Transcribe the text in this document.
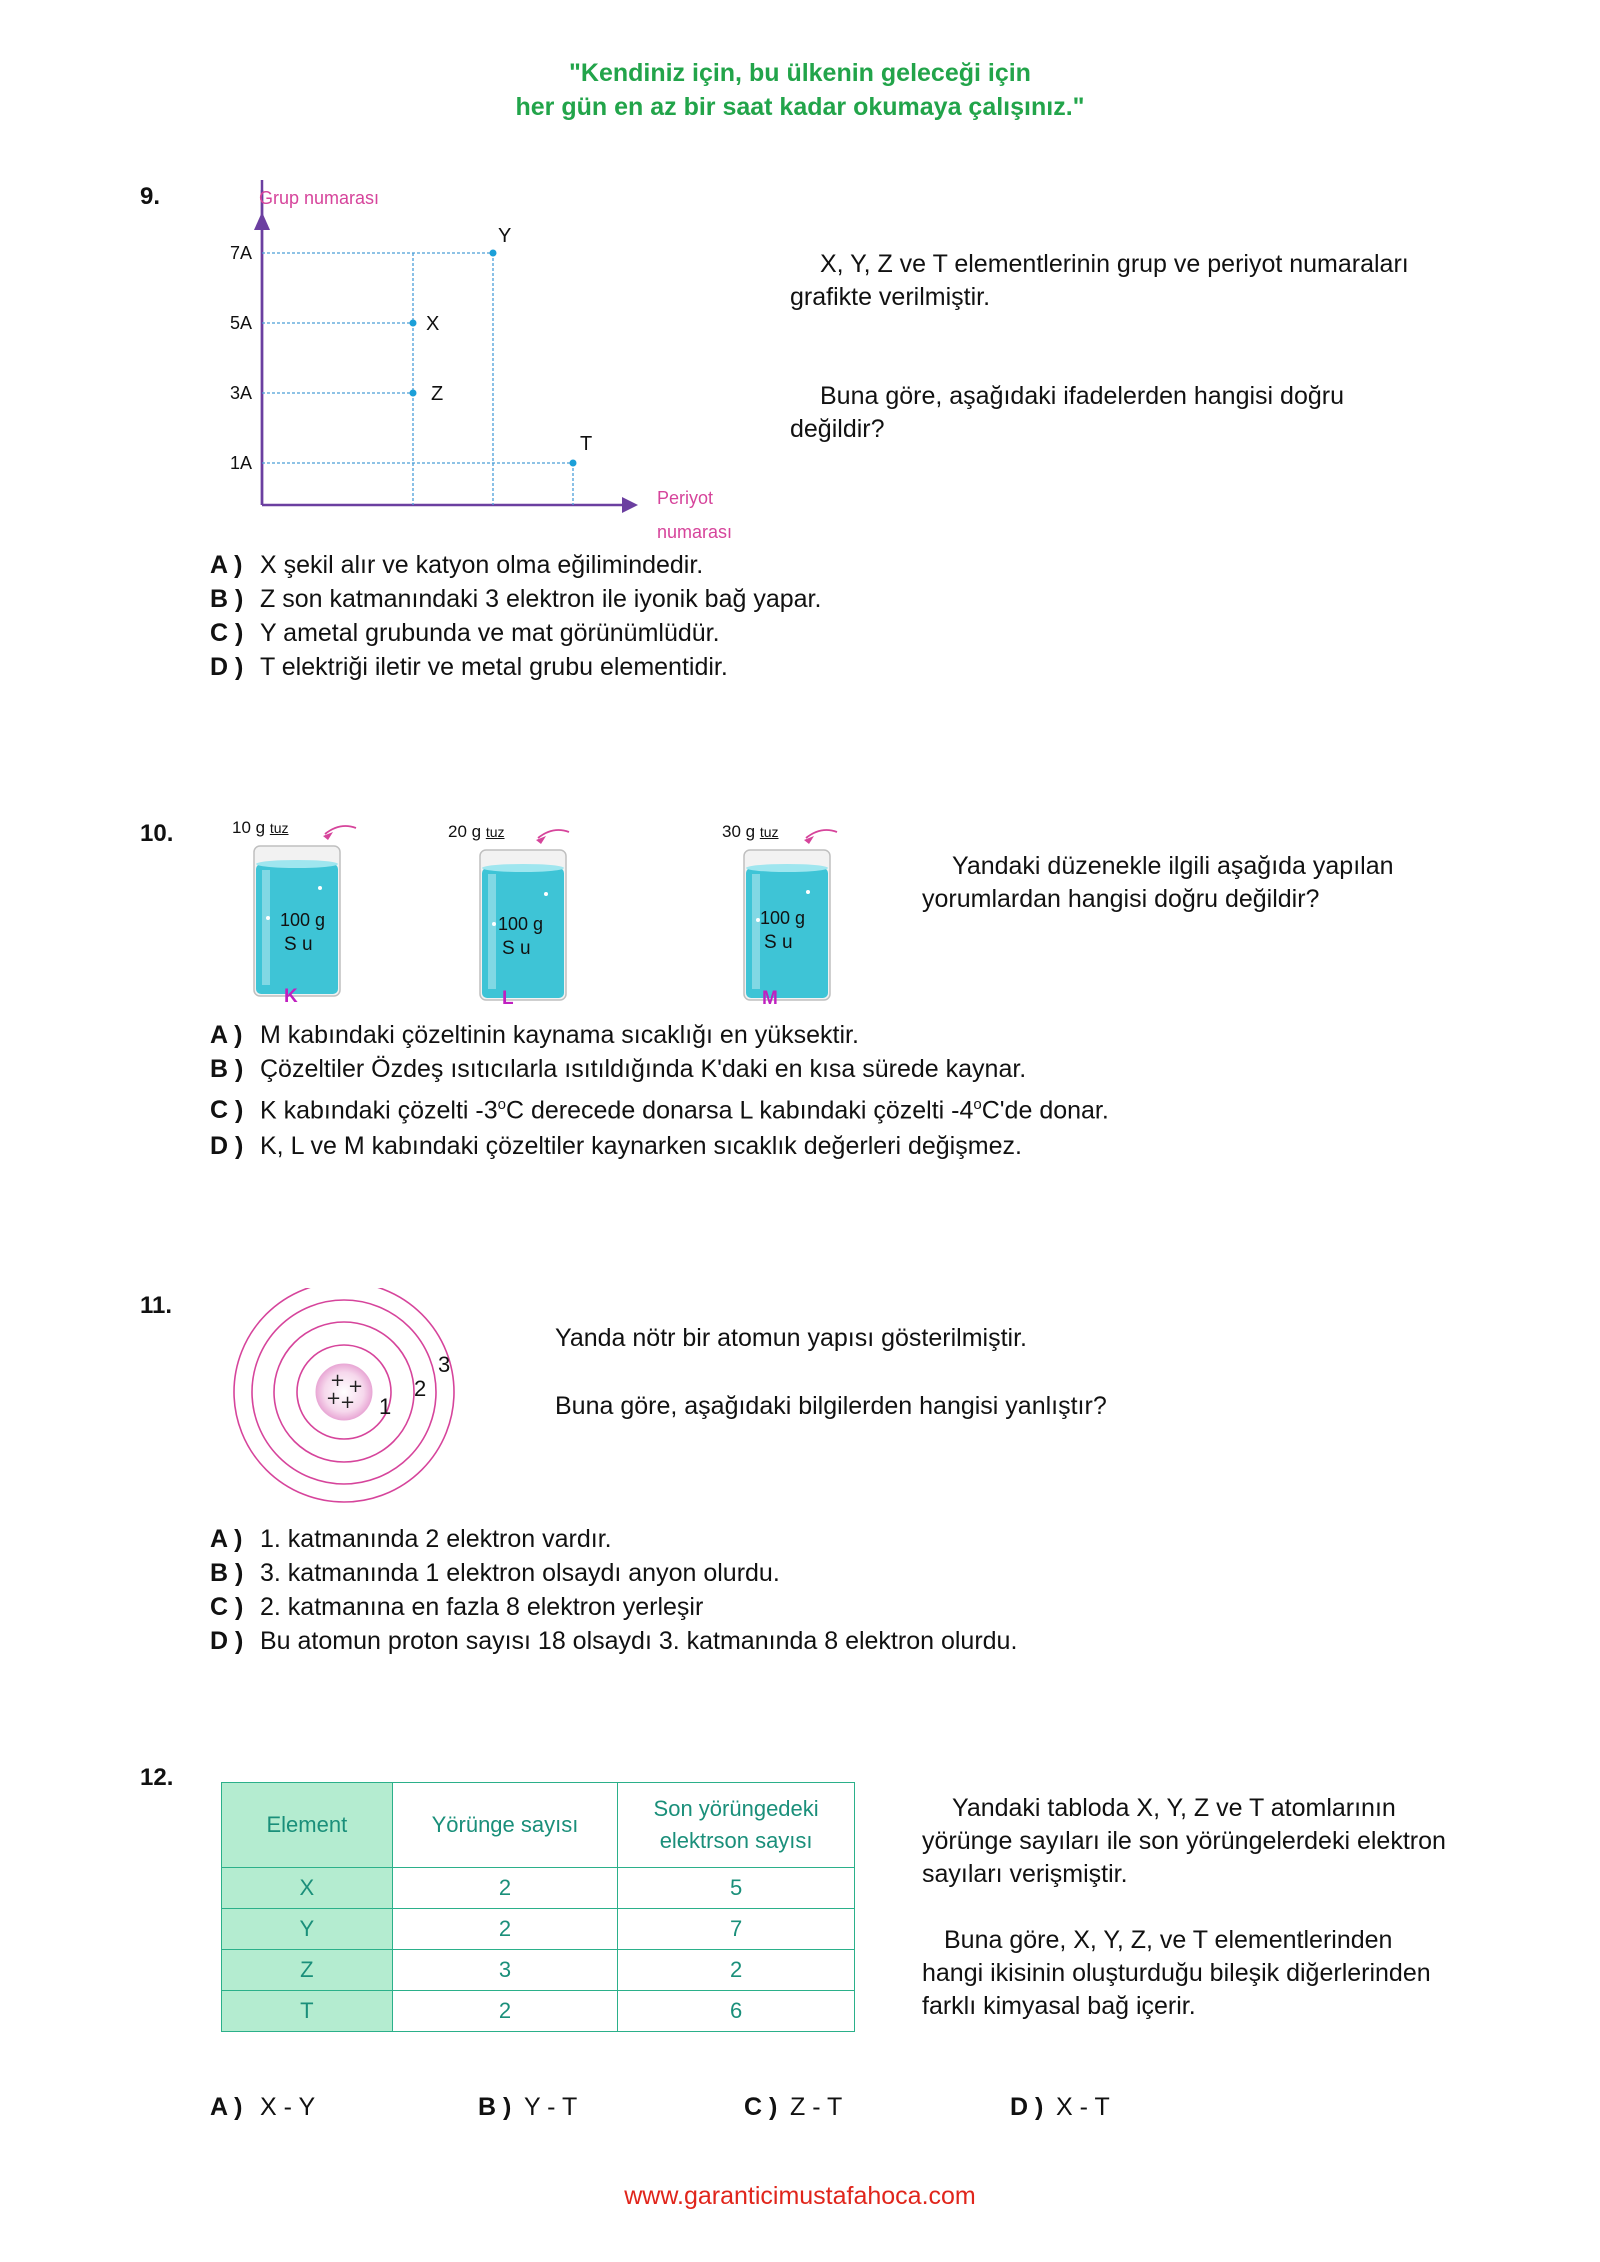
"Kendiniz için, bu ülkenin geleceği için
her gün en az bir saat kadar okumaya çalışınız."
9.	Grup numarası
7A
5A
3A
1A
Y
X
Z
T
Periyot
numarası
X, Y, Z ve T elementlerinin grup ve periyot numaraları grafikte verilmiştir.
Buna göre, aşağıdaki ifadelerden hangisi doğru değildir?
A ) X şekil alır ve katyon olma eğilimindedir.
B ) Z son katmanındaki 3 elektron ile iyonik bağ yapar.
C ) Y ametal grubunda ve mat görünümlüdür.
D ) T elektriği iletir ve metal grubu elementidir.
10.	10 g tuz
100 g
S u
K
20 g tuz
100 g
S u
L
30 g tuz
100 g
S u
M
Yandaki düzenekle ilgili aşağıda yapılan yorumlardan hangisi doğru değildir?
A ) M kabındaki çözeltinin kaynama sıcaklığı en yüksektir.
B ) Çözeltiler Özdeş ısıtıcılarla ısıtıldığında K'daki en kısa sürede kaynar.
C ) K kabındaki çözelti -3$^o$C derecede donarsa L kabındaki çözelti -4$^o$C'de donar.
D ) K, L ve M kabındaki çözeltiler kaynarken sıcaklık değerleri değişmez.
11.
+ +
+
+ 1
2
3
Yanda nötr bir atomun yapısı gösterilmiştir.
Buna göre, aşağıdaki bilgilerden hangisi yanlıştır?
A ) 1. katmanında 2 elektron vardır.
B ) 3. katmanında 1 elektron olsaydı anyon olurdu.
C ) 2. katmanına en fazla 8 elektron yerleşir
D ) Bu atomun proton sayısı 18 olsaydı 3. katmanında 8 elektron olurdu.
12.
Element	Yörünge sayısı	Son yörüngedeki elektrson sayısı
X	2	5
Y	2	7
Z	3	2
T	2	6
Yandaki tabloda X, Y, Z ve T atomlarının yörünge sayıları ile son yörüngelerdeki elektron sayıları verişmiştir.
Buna göre, X, Y, Z, ve T elementlerinden hangi ikisinin oluşturduğu bileşik diğerlerinden farklı kimyasal bağ içerir.
A ) X - Y	B ) Y - T	C ) Z - T	D ) X - T
www.garanticimustafahoca.com
